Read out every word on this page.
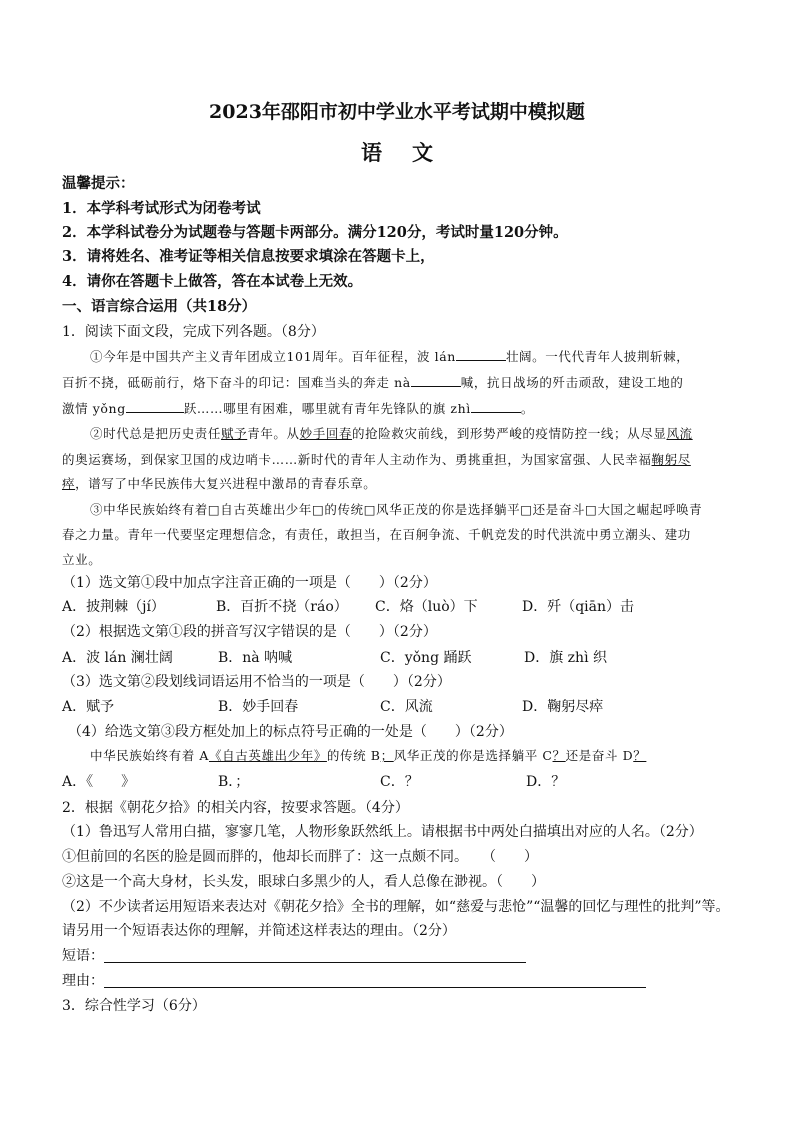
2023年邵阳市初中学业水平考试期中模拟题
语文
温馨提示：
1．本学科考试形式为闭卷考试
2．本学科试卷分为试题卷与答题卡两部分。满分120分，考试时量120分钟。
3．请将姓名、准考证等相关信息按要求填涂在答题卡上，
4．请你在答题卡上做答，答在本试卷上无效。
一、语言综合运用（共18分）
1．阅读下面文段，完成下列各题。（8分）
①今年是中国共产主义青年团成立101周年。百年征程，波 lán	壮阔。一代代青年人披荆斩棘，
百折不挠，砥砺前行，烙下奋斗的印记：国难当头的奔走 nà	喊，抗日战场的歼击顽敌，建设工地的
激情 yǒng	跃……哪里有困难，哪里就有青年先锋队的旗 zhì	。
②时代总是把历史责任赋予青年。从妙手回春的抢险救灾前线，到形势严峻的疫情防控一线；从尽显风流
的奥运赛场，到保家卫国的戍边哨卡……新时代的青年人主动作为、勇挑重担，为国家富强、人民幸福鞠躬尽
瘁，谱写了中华民族伟大复兴进程中激昂的青春乐章。
③中华民族始终有着□自古英雄出少年□的传统□风华正茂的你是选择躺平□还是奋斗□大国之崛起呼唤青
春之力量。青年一代要坚定理想信念，有责任，敢担当，在百舸争流、千帆竞发的时代洪流中勇立潮头、建功
立业。
（1）选文第①段中加点字注音正确的一项是（　　）（2分）
A．披荆棘（jí）	B．百折不挠（ráo） C．烙（luò）下	D．歼（qiān）击
（2）根据选文第①段的拼音写汉字错误的是（　　）（2分）
A．波 lán 澜壮阔	B．nà 呐喊	C．yǒng 踊跃	D．旗 zhì 织
（3）选文第②段划线词语运用不恰当的一项是（　　）（2分）
A．赋予	B．妙手回春	C．风流	D．鞠躬尽瘁
（4）给选文第③段方框处加上的标点符号正确的一处是（　　）（2分）
中华民族始终有着 A《自古英雄出少年》的传统 B；风华正茂的你是选择躺平 C？还是奋斗 D？
A．《　　》	B．；	C．？	D．？
2．根据《朝花夕拾》的相关内容，按要求答题。（4分）
（1）鲁迅写人常用白描，寥寥几笔，人物形象跃然纸上。请根据书中两处白描填出对应的人名。（2分）
①但前回的名医的脸是圆而胖的，他却长而胖了：这一点颇不同。　　（　　）
②这是一个高大身材，长头发，眼球白多黑少的人，看人总像在渺视。（　　）
（2）不少读者运用短语来表达对《朝花夕拾》全书的理解，如“慈爱与悲怆”“温馨的回忆与理性的批判”等。
请另用一个短语表达你的理解，并简述这样表达的理由。（2分）
短语：
理由：
3．综合性学习（6分）
